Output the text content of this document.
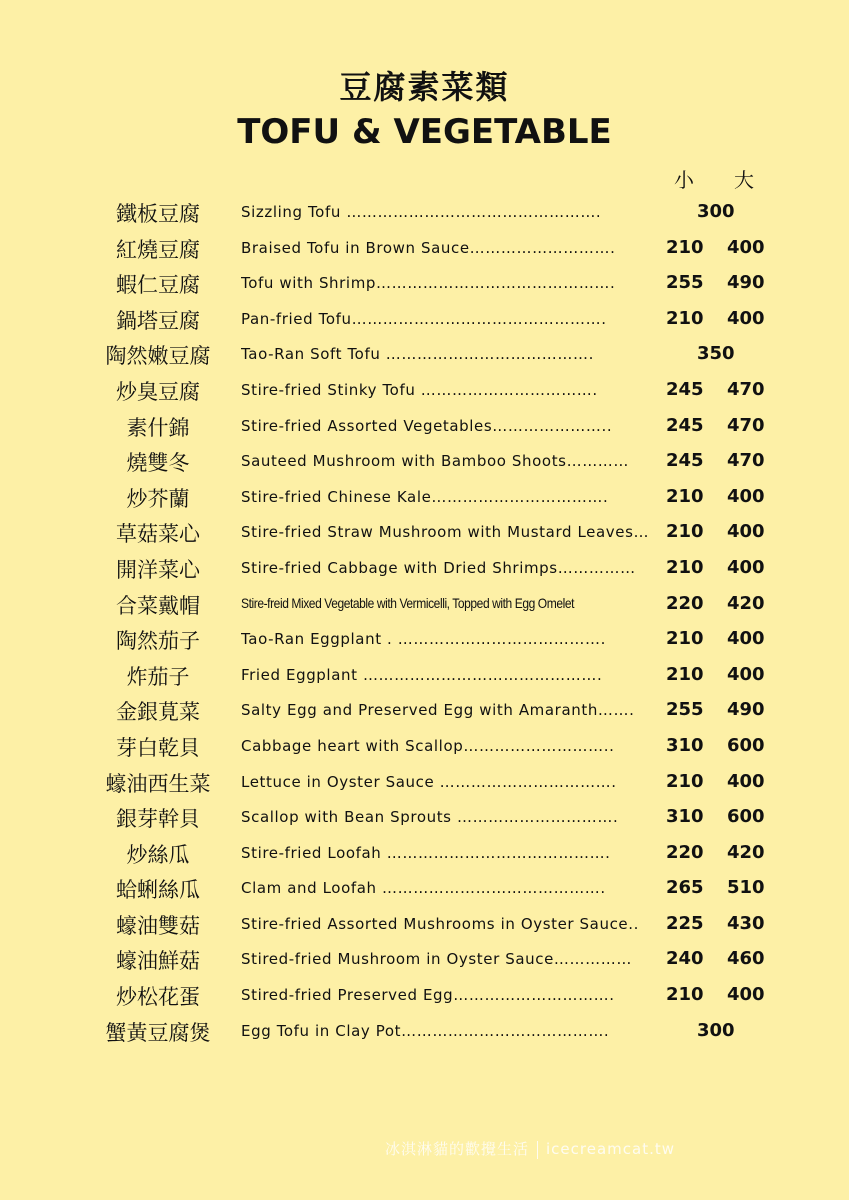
豆腐素菜類
TOFU & VEGETABLE
小 大
鐵板豆腐	Sizzling Tofu ………………………………………….	300
紅燒豆腐	Braised Tofu in Brown Sauce……………………….	210 400
蝦仁豆腐	Tofu with Shrimp……………………………………….	255 490
鍋塔豆腐	Pan-fried Tofu………………………………………….	210 400
陶然嫩豆腐	Tao-Ran Soft Tofu ………………………………….	350
炒臭豆腐	Stire-fried Stinky Tofu …………………………….	245 470
素什錦	Stire-fried Assorted Vegetables…………………..	245 470
燒雙冬	Sauteed Mushroom with Bamboo Shoots…………	245 470
炒芥蘭	Stire-fried Chinese Kale…………………………….	210 400
草菇菜心	Stire-fried Straw Mushroom with Mustard Leaves… 210 400
開洋菜心	Stire-fried Cabbage with Dried Shrimps……………	210 400
合菜戴帽	Stire-freid Mixed Vegetable with Vermicelli, Topped with Egg Omelet	220 420
陶然茄子	Tao-Ran Eggplant . ………………………………….	210 400
炸茄子	Fried Eggplant ……………………………………….	210 400
金銀莧菜	Salty Egg and Preserved Egg with Amaranth…….	255 490
芽白乾貝	Cabbage heart with Scallop………………………..	310 600
蠔油西生菜	Lettuce in Oyster Sauce …………………………….	210 400
銀芽幹貝	Scallop with Bean Sprouts ………………………….	310 600
炒絲瓜	Stire-fried Loofah …………………………………….	220 420
蛤蜊絲瓜	Clam and Loofah …………………………………….	265 510
蠔油雙菇	Stire-fried Assorted Mushrooms in Oyster Sauce..	225 430
蠔油鮮菇	Stired-fried Mushroom in Oyster Sauce……………	240 460
炒松花蛋	Stired-fried Preserved Egg………………………….	210 400
蟹黃豆腐煲	Egg Tofu in Clay Pot………………………………….	300
冰淇淋貓的歡攪生活 icecreamcat.tw
